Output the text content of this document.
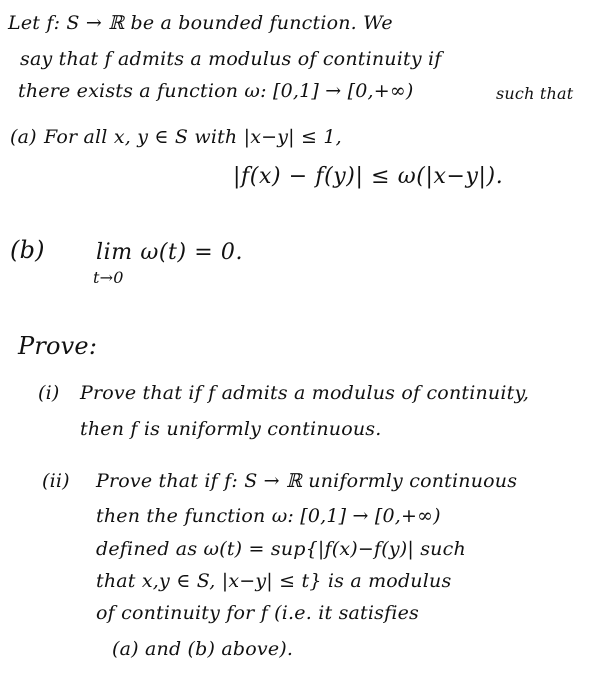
Let f: S → ℝ be a bounded function. We
say that f admits a modulus of continuity if
there exists a function ω: [0,1] → [0,+∞)	such that
(a) For all x, y ∈ S with |x−y| ≤ 1,
|f(x) − f(y)| ≤ ω(|x−y|).
(b) lim ω(t) = 0.
t→0
Prove:
(i) Prove that if f admits a modulus of continuity,
then f is uniformly continuous.
(ii) Prove that if f: S → ℝ uniformly continuous
then the function ω: [0,1] → [0,+∞)
defined as ω(t) = sup{|f(x)−f(y)| such
that x,y ∈ S, |x−y| ≤ t} is a modulus
of continuity for f (i.e. it satisfies
(a) and (b) above).
